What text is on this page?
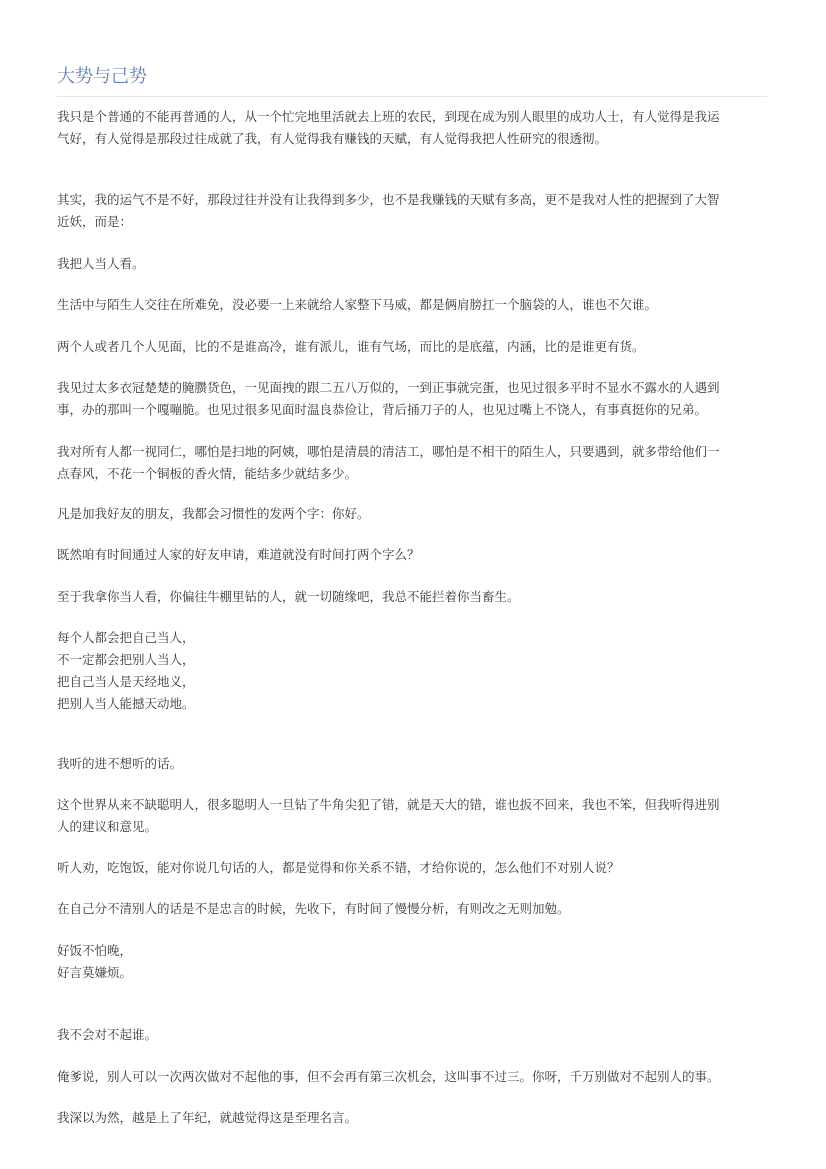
大势与己势
我只是个普通的不能再普通的人，从一个忙完地里活就去上班的农民，到现在成为别人眼里的成功人士，有人觉得是我运
气好，有人觉得是那段过往成就了我，有人觉得我有赚钱的天赋，有人觉得我把人性研究的很透彻。
其实，我的运气不是不好，那段过往并没有让我得到多少，也不是我赚钱的天赋有多高，更不是我对人性的把握到了大智
近妖，而是：
我把人当人看。
生活中与陌生人交往在所难免，没必要一上来就给人家整下马威，都是俩肩膀扛一个脑袋的人，谁也不欠谁。
两个人或者几个人见面，比的不是谁高冷，谁有派儿，谁有气场，而比的是底蕴，内涵，比的是谁更有货。
我见过太多衣冠楚楚的腌臜货色，一见面拽的跟二五八万似的，一到正事就完蛋，也见过很多平时不显水不露水的人遇到
事，办的那叫一个嘎嘣脆。也见过很多见面时温良恭俭让，背后捅刀子的人，也见过嘴上不饶人，有事真挺你的兄弟。
我对所有人都一视同仁，哪怕是扫地的阿姨，哪怕是清晨的清洁工，哪怕是不相干的陌生人，只要遇到，就多带给他们一
点春风，不花一个铜板的香火情，能结多少就结多少。
凡是加我好友的朋友，我都会习惯性的发两个字：你好。
既然咱有时间通过人家的好友申请，难道就没有时间打两个字么？
至于我拿你当人看，你偏往牛棚里钻的人，就一切随缘吧，我总不能拦着你当畜生。
每个人都会把自己当人，
不一定都会把别人当人，
把自己当人是天经地义，
把别人当人能撼天动地。
我听的进不想听的话。
这个世界从来不缺聪明人，很多聪明人一旦钻了牛角尖犯了错，就是天大的错，谁也扳不回来，我也不笨，但我听得进别
人的建议和意见。
听人劝，吃饱饭，能对你说几句话的人，都是觉得和你关系不错，才给你说的，怎么他们不对别人说？
在自己分不清别人的话是不是忠言的时候，先收下，有时间了慢慢分析，有则改之无则加勉。
好饭不怕晚，
好言莫嫌烦。
我不会对不起谁。
俺爹说，别人可以一次两次做对不起他的事，但不会再有第三次机会，这叫事不过三。你呀，千万别做对不起别人的事。
我深以为然，越是上了年纪，就越觉得这是至理名言。
